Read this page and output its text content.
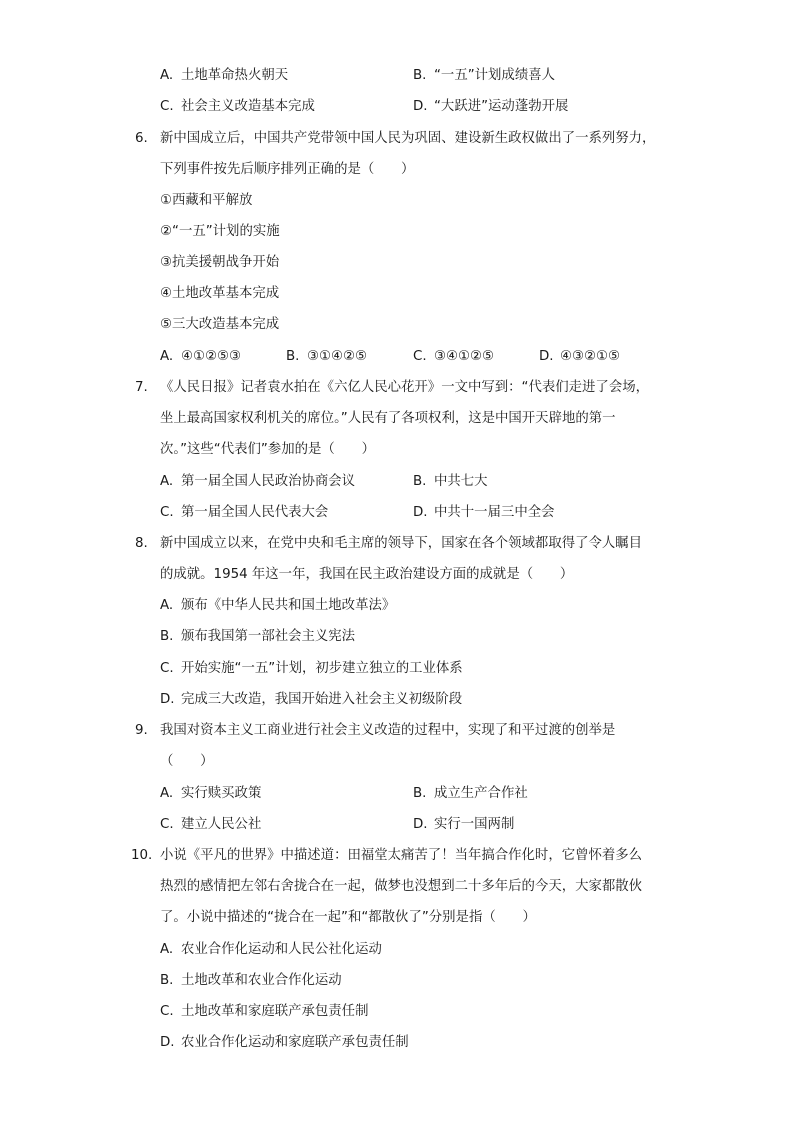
A. 土地革命热火朝天	B. “一五”计划成绩喜人
C. 社会主义改造基本完成	D. “大跃进”运动蓬勃开展
6. 新中国成立后，中国共产党带领中国人民为巩固、建设新生政权做出了一系列努力，
下列事件按先后顺序排列正确的是（　　）
①西藏和平解放
②“一五”计划的实施
③抗美援朝战争开始
④土地改革基本完成
⑤三大改造基本完成
A. ④①②⑤③	B. ③①④②⑤	C. ③④①②⑤	D. ④③②①⑤
7. 《人民日报》记者袁水拍在《六亿人民心花开》一文中写到：“代表们走进了会场，
坐上最高国家权利机关的席位。”人民有了各项权利，这是中国开天辟地的第一
次。”这些“代表们”参加的是（　　）
A. 第一届全国人民政治协商会议	B. 中共七大
C. 第一届全国人民代表大会	D. 中共十一届三中全会
8. 新中国成立以来，在党中央和毛主席的领导下，国家在各个领域都取得了令人瞩目
的成就。1954 年这一年，我国在民主政治建设方面的成就是（　　）
A. 颁布《中华人民共和国土地改革法》
B. 颁布我国第一部社会主义宪法
C. 开始实施“一五”计划，初步建立独立的工业体系
D. 完成三大改造，我国开始进入社会主义初级阶段
9. 我国对资本主义工商业进行社会主义改造的过程中，实现了和平过渡的创举是
（　　）
A. 实行赎买政策	B. 成立生产合作社
C. 建立人民公社	D. 实行一国两制
10. 小说《平凡的世界》中描述道：田福堂太痛苦了！当年搞合作化时，它曾怀着多么
热烈的感情把左邻右舍拢合在一起，做梦也没想到二十多年后的今天，大家都散伙
了。小说中描述的“拢合在一起”和“都散伙了”分别是指（　　）
A. 农业合作化运动和人民公社化运动
B. 土地改革和农业合作化运动
C. 土地改革和家庭联产承包责任制
D. 农业合作化运动和家庭联产承包责任制
